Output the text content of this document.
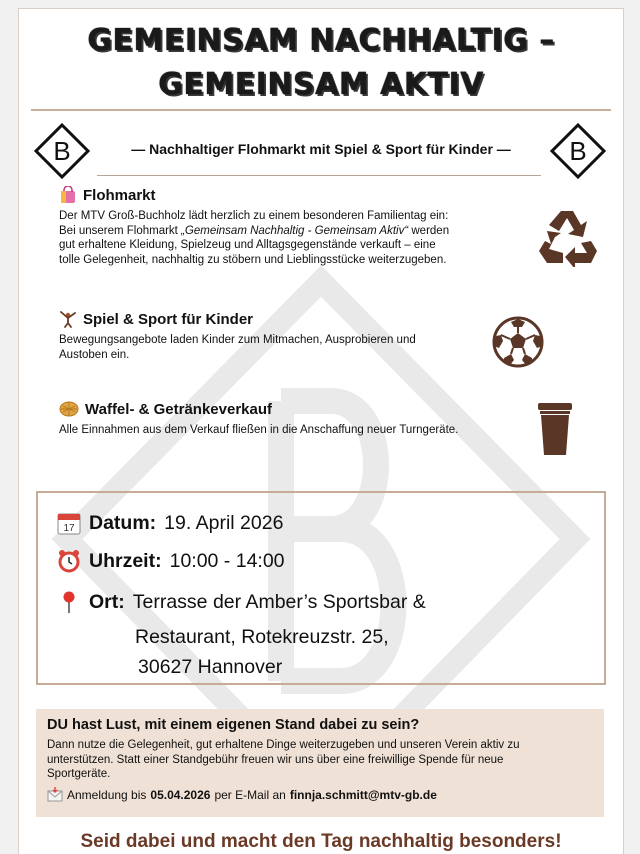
GEMEINSAM NACHHALTIG –
GEMEINSAM AKTIV
B	B
— Nachhaltiger Flohmarkt mit Spiel & Sport für Kinder —
Flohmarkt
Der MTV Groß-Buchholz lädt herzlich zu einem besonderen Familientag ein:
Bei unserem Flohmarkt „Gemeinsam Nachhaltig - Gemeinsam Aktiv“ werden
gut erhaltene Kleidung, Spielzeug und Alltagsgegenstände verkauft – eine
tolle Gelegenheit, nachhaltig zu stöbern und Lieblingsstücke weiterzugeben.
Spiel & Sport für Kinder
Bewegungsangebote laden Kinder zum Mitmachen, Ausprobieren und
Austoben ein.
Waffel- & Getränkeverkauf
Alle Einnahmen aus dem Verkauf fließen in die Anschaffung neuer Turngeräte.
17 Datum: 19. April 2026
Uhrzeit: 10:00 - 14:00
Ort: Terrasse der Amber’s Sportsbar &
Restaurant, Rotekreuzstr. 25,
30627 Hannover
DU hast Lust, mit einem eigenen Stand dabei zu sein?
Dann nutze die Gelegenheit, gut erhaltene Dinge weiterzugeben und unseren Verein aktiv zu
unterstützen. Statt einer Standgebühr freuen wir uns über eine freiwillige Spende für neue
Sportgeräte.
Anmeldung bis 05.04.2026 per E-Mail an finnja.schmitt@mtv-gb.de
Seid dabei und macht den Tag nachhaltig besonders!
